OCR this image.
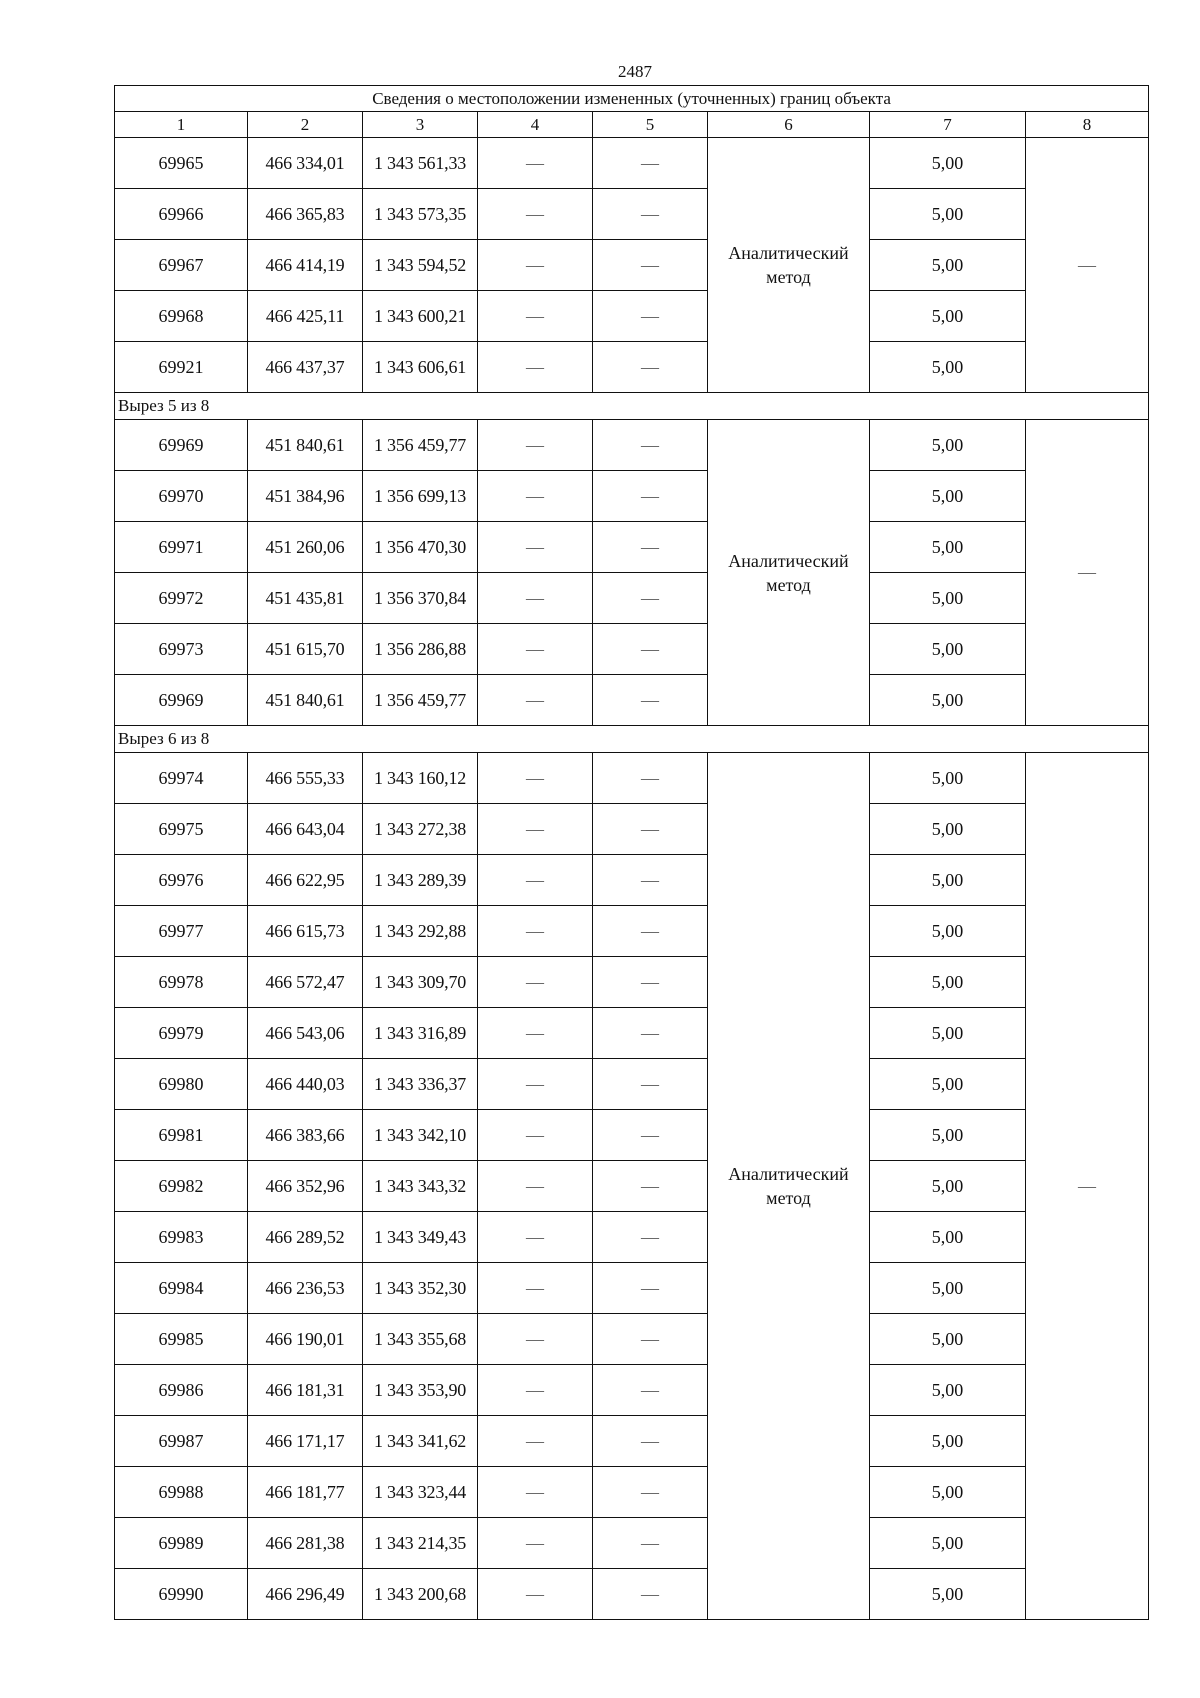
2487
Сведения о местоположении измененных (уточненных) границ объекта							
1	2	3	4	5	6	7	8
69965	466 334,01	1 343 561,33	—	—	Аналитический метод	5,00	—
69966	466 365,83	1 343 573,35	—	—		5,00	
69967	466 414,19	1 343 594,52	—	—		5,00	
69968	466 425,11	1 343 600,21	—	—		5,00	
69921	466 437,37	1 343 606,61	—	—		5,00	
Вырез 5 из 8							
69969	451 840,61	1 356 459,77	—	—	Аналитический метод	5,00	—
69970	451 384,96	1 356 699,13	—	—		5,00	
69971	451 260,06	1 356 470,30	—	—		5,00	
69972	451 435,81	1 356 370,84	—	—		5,00	
69973	451 615,70	1 356 286,88	—	—		5,00	
69969	451 840,61	1 356 459,77	—	—		5,00	
Вырез 6 из 8							
69974	466 555,33	1 343 160,12	—	—	Аналитический метод	5,00	—
69975	466 643,04	1 343 272,38	—	—		5,00	
69976	466 622,95	1 343 289,39	—	—		5,00	
69977	466 615,73	1 343 292,88	—	—		5,00	
69978	466 572,47	1 343 309,70	—	—		5,00	
69979	466 543,06	1 343 316,89	—	—		5,00	
69980	466 440,03	1 343 336,37	—	—		5,00	
69981	466 383,66	1 343 342,10	—	—		5,00	
69982	466 352,96	1 343 343,32	—	—		5,00	
69983	466 289,52	1 343 349,43	—	—		5,00	
69984	466 236,53	1 343 352,30	—	—		5,00	
69985	466 190,01	1 343 355,68	—	—		5,00	
69986	466 181,31	1 343 353,90	—	—		5,00	
69987	466 171,17	1 343 341,62	—	—		5,00	
69988	466 181,77	1 343 323,44	—	—		5,00	
69989	466 281,38	1 343 214,35	—	—		5,00	
69990	466 296,49	1 343 200,68	—	—		5,00	
